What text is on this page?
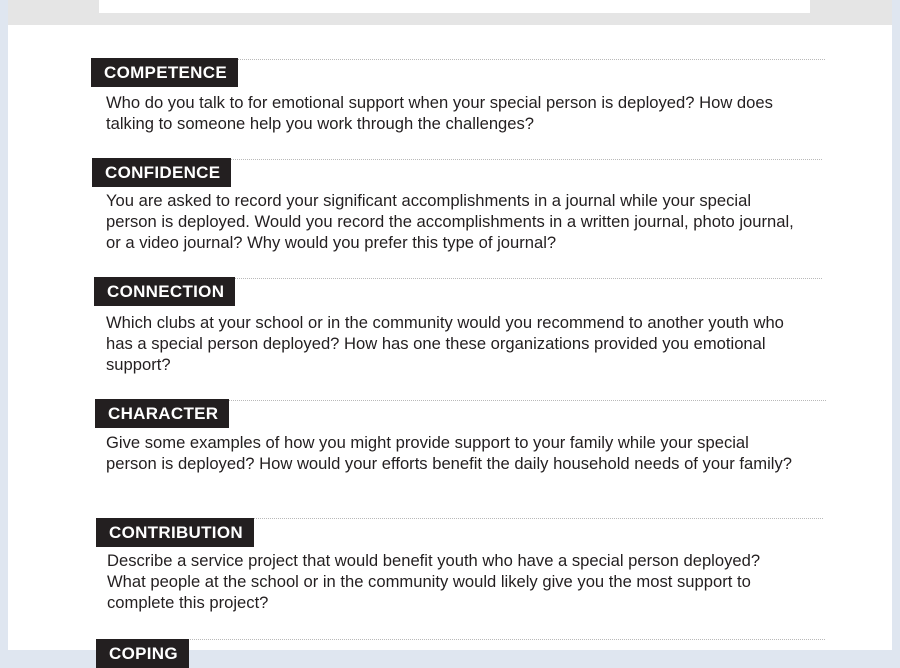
COMPETENCE

Who do you talk to for emotional support when your special person is deployed? How does talking to someone help you work through the challenges?

CONFIDENCE

You are asked to record your significant accomplishments in a journal while your special person is deployed. Would you record the accomplishments in a written journal, photo journal, or a video journal? Why would you prefer this type of journal?

CONNECTION

Which clubs at your school or in the community would you recommend to another youth who has a special person deployed? How has one these organizations provided you emotional support?

CHARACTER

Give some examples of how you might provide support to your family while your special person is deployed? How would your efforts benefit the daily household needs of your family?

CONTRIBUTION

Describe a service project that would benefit youth who have a special person deployed? What people at the school or in the community would likely give you the most support to complete this project?

COPING
